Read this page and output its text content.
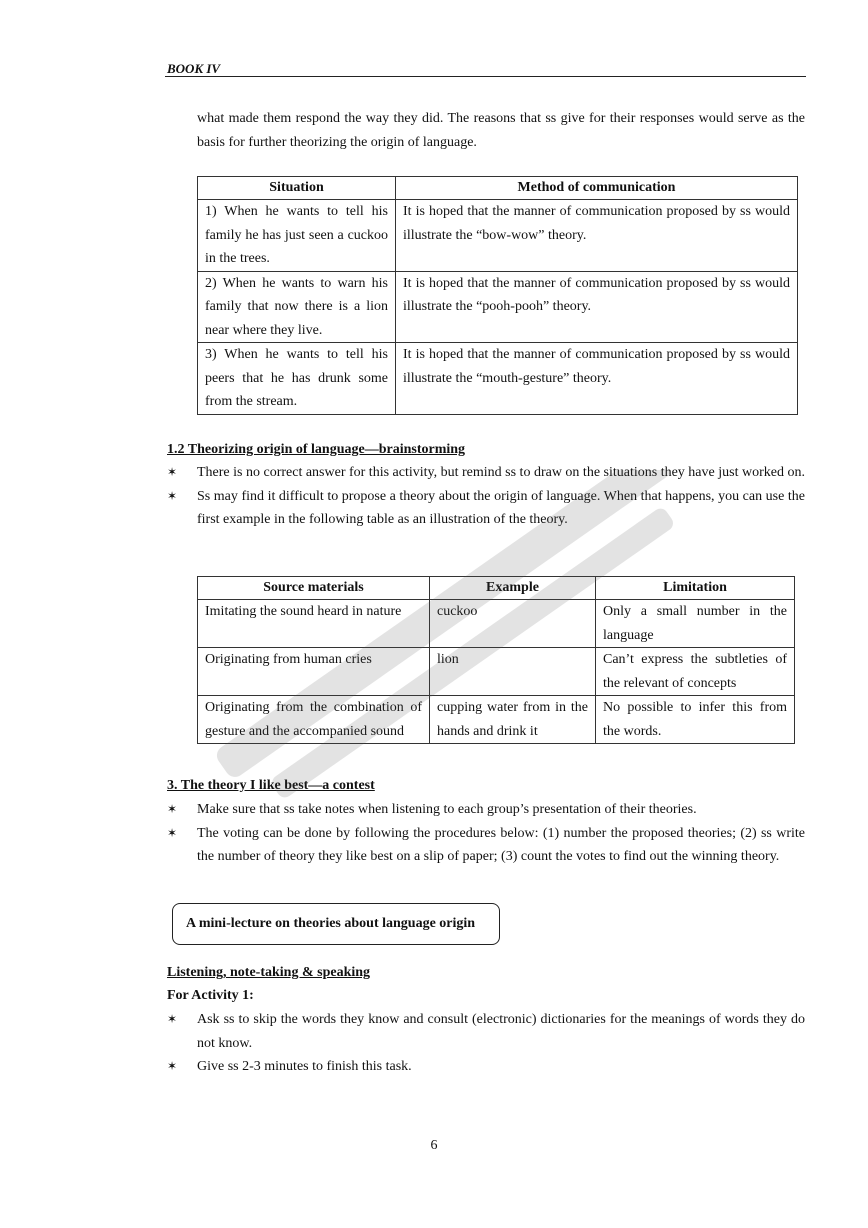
BOOK IV

what made them respond the way they did. The reasons that ss give for their responses would serve as the basis for further theorizing the origin of language.

Situation	Method of communication
1) When he wants to tell his family he has just seen a cuckoo in the trees.	It is hoped that the manner of communication proposed by ss would illustrate the “bow-wow” theory.
2) When he wants to warn his family that now there is a lion near where they live.	It is hoped that the manner of communication proposed by ss would illustrate the “pooh-pooh” theory.
3) When he wants to tell his peers that he has drunk some from the stream.	It is hoped that the manner of communication proposed by ss would illustrate the “mouth-gesture” theory.
1.2 Theorizing origin of language—brainstorming
✶ There is no correct answer for this activity, but remind ss to draw on the situations they have just worked on.
✶ Ss may find it difficult to propose a theory about the origin of language. When that happens, you can use the first example in the following table as an illustration of the theory.
Source materials	Example	Limitation
Imitating the sound heard in nature	cuckoo	Only a small number in the language
Originating from human cries	lion	Can’t express the subtleties of the relevant of concepts
Originating from the combination of gesture and the accompanied sound	cupping water from in the hands and drink it	No possible to infer this from the words.
3. The theory I like best—a contest
✶ Make sure that ss take notes when listening to each group’s presentation of their theories.
✶ The voting can be done by following the procedures below: (1) number the proposed theories; (2) ss write the number of theory they like best on a slip of paper; (3) count the votes to find out the winning theory.
A mini-lecture on theories about language origin
Listening, note-taking & speaking
For Activity 1:
✶ Ask ss to skip the words they know and consult (electronic) dictionaries for the meanings of words they do not know.
✶ Give ss 2-3 minutes to finish this task.
6
